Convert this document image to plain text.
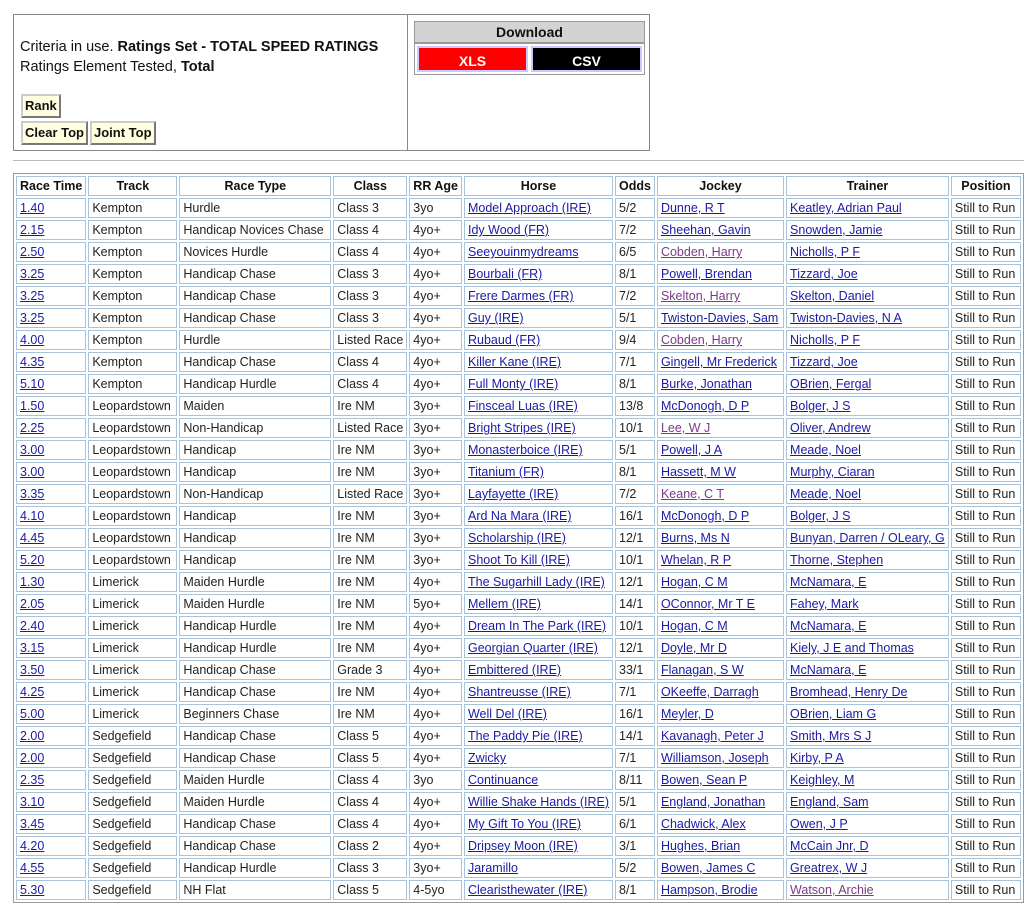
Criteria in use. Ratings Set - TOTAL SPEED RATINGS
Ratings Element Tested, Total
Rank
Clear Top Joint Top
Download
XLS	CSV
Race Time	Track	Race Type	Class	RR Age	Horse	Odds	Jockey	Trainer	Position
1.40	Kempton	Hurdle	Class 3	3yo	Model Approach (IRE)	5/2	Dunne, R T	Keatley, Adrian Paul	Still to Run
2.15	Kempton	Handicap Novices Chase	Class 4	4yo+	Idy Wood (FR)	7/2	Sheehan, Gavin	Snowden, Jamie	Still to Run
2.50	Kempton	Novices Hurdle	Class 4	4yo+	Seeyouinmydreams	6/5	Cobden, Harry	Nicholls, P F	Still to Run
3.25	Kempton	Handicap Chase	Class 3	4yo+	Bourbali (FR)	8/1	Powell, Brendan	Tizzard, Joe	Still to Run
3.25	Kempton	Handicap Chase	Class 3	4yo+	Frere Darmes (FR)	7/2	Skelton, Harry	Skelton, Daniel	Still to Run
3.25	Kempton	Handicap Chase	Class 3	4yo+	Guy (IRE)	5/1	Twiston-Davies, Sam	Twiston-Davies, N A	Still to Run
4.00	Kempton	Hurdle	Listed Race	4yo+	Rubaud (FR)	9/4	Cobden, Harry	Nicholls, P F	Still to Run
4.35	Kempton	Handicap Chase	Class 4	4yo+	Killer Kane (IRE)	7/1	Gingell, Mr Frederick	Tizzard, Joe	Still to Run
5.10	Kempton	Handicap Hurdle	Class 4	4yo+	Full Monty (IRE)	8/1	Burke, Jonathan	OBrien, Fergal	Still to Run
1.50	Leopardstown	Maiden	Ire NM	3yo+	Finsceal Luas (IRE)	13/8	McDonogh, D P	Bolger, J S	Still to Run
2.25	Leopardstown	Non-Handicap	Listed Race	3yo+	Bright Stripes (IRE)	10/1	Lee, W J	Oliver, Andrew	Still to Run
3.00	Leopardstown	Handicap	Ire NM	3yo+	Monasterboice (IRE)	5/1	Powell, J A	Meade, Noel	Still to Run
3.00	Leopardstown	Handicap	Ire NM	3yo+	Titanium (FR)	8/1	Hassett, M W	Murphy, Ciaran	Still to Run
3.35	Leopardstown	Non-Handicap	Listed Race	3yo+	Layfayette (IRE)	7/2	Keane, C T	Meade, Noel	Still to Run
4.10	Leopardstown	Handicap	Ire NM	3yo+	Ard Na Mara (IRE)	16/1	McDonogh, D P	Bolger, J S	Still to Run
4.45	Leopardstown	Handicap	Ire NM	3yo+	Scholarship (IRE)	12/1	Burns, Ms N	Bunyan, Darren / OLeary, G	Still to Run
5.20	Leopardstown	Handicap	Ire NM	3yo+	Shoot To Kill (IRE)	10/1	Whelan, R P	Thorne, Stephen	Still to Run
1.30	Limerick	Maiden Hurdle	Ire NM	4yo+	The Sugarhill Lady (IRE)	12/1	Hogan, C M	McNamara, E	Still to Run
2.05	Limerick	Maiden Hurdle	Ire NM	5yo+	Mellem (IRE)	14/1	OConnor, Mr T E	Fahey, Mark	Still to Run
2.40	Limerick	Handicap Hurdle	Ire NM	4yo+	Dream In The Park (IRE)	10/1	Hogan, C M	McNamara, E	Still to Run
3.15	Limerick	Handicap Hurdle	Ire NM	4yo+	Georgian Quarter (IRE)	12/1	Doyle, Mr D	Kiely, J E and Thomas	Still to Run
3.50	Limerick	Handicap Chase	Grade 3	4yo+	Embittered (IRE)	33/1	Flanagan, S W	McNamara, E	Still to Run
4.25	Limerick	Handicap Chase	Ire NM	4yo+	Shantreusse (IRE)	7/1	OKeeffe, Darragh	Bromhead, Henry De	Still to Run
5.00	Limerick	Beginners Chase	Ire NM	4yo+	Well Del (IRE)	16/1	Meyler, D	OBrien, Liam G	Still to Run
2.00	Sedgefield	Handicap Chase	Class 5	4yo+	The Paddy Pie (IRE)	14/1	Kavanagh, Peter J	Smith, Mrs S J	Still to Run
2.00	Sedgefield	Handicap Chase	Class 5	4yo+	Zwicky	7/1	Williamson, Joseph	Kirby, P A	Still to Run
2.35	Sedgefield	Maiden Hurdle	Class 4	3yo	Continuance	8/11	Bowen, Sean P	Keighley, M	Still to Run
3.10	Sedgefield	Maiden Hurdle	Class 4	4yo+	Willie Shake Hands (IRE)	5/1	England, Jonathan	England, Sam	Still to Run
3.45	Sedgefield	Handicap Chase	Class 4	4yo+	My Gift To You (IRE)	6/1	Chadwick, Alex	Owen, J P	Still to Run
4.20	Sedgefield	Handicap Chase	Class 2	4yo+	Dripsey Moon (IRE)	3/1	Hughes, Brian	McCain Jnr, D	Still to Run
4.55	Sedgefield	Handicap Hurdle	Class 3	3yo+	Jaramillo	5/2	Bowen, James C	Greatrex, W J	Still to Run
5.30	Sedgefield	NH Flat	Class 5	4-5yo	Clearisthewater (IRE)	8/1	Hampson, Brodie	Watson, Archie	Still to Run
